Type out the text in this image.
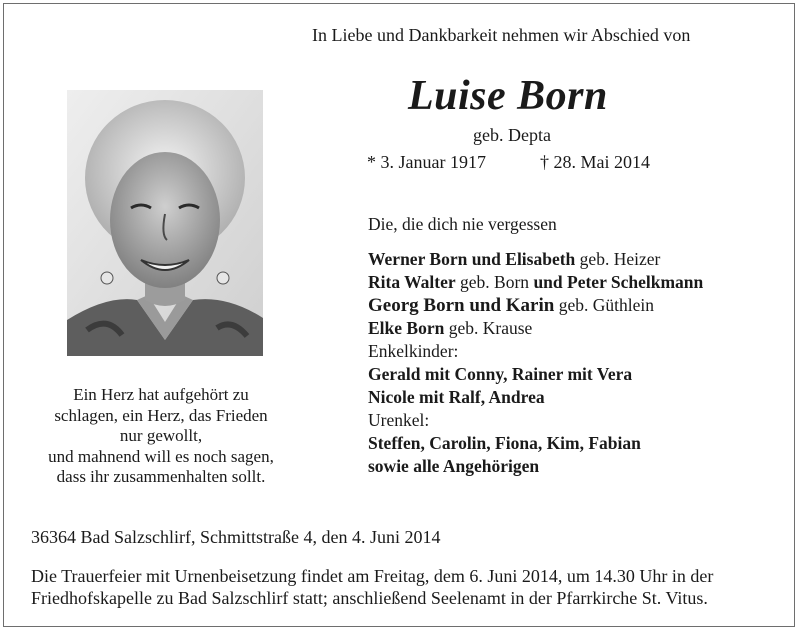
In Liebe und Dankbarkeit nehmen wir Abschied von
Luise Born
geb. Depta
* 3. Januar 1917	† 28. Mai 2014
Ein Herz hat aufgehört zu
schlagen, ein Herz, das Frieden
nur gewollt,
und mahnend will es noch sagen,
dass ihr zusammenhalten sollt.
Die, die dich nie vergessen
Werner Born und Elisabeth geb. Heizer
Rita Walter geb. Born und Peter Schelkmann
Georg Born und Karin geb. Güthlein
Elke Born geb. Krause
Enkelkinder:
Gerald mit Conny, Rainer mit Vera
Nicole mit Ralf, Andrea
Urenkel:
Steffen, Carolin, Fiona, Kim, Fabian
sowie alle Angehörigen
36364 Bad Salzschlirf, Schmittstraße 4, den 4. Juni 2014
Die Trauerfeier mit Urnenbeisetzung findet am Freitag, dem 6. Juni 2014, um 14.30 Uhr in der
Friedhofskapelle zu Bad Salzschlirf statt; anschließend Seelenamt in der Pfarrkirche St. Vitus.
